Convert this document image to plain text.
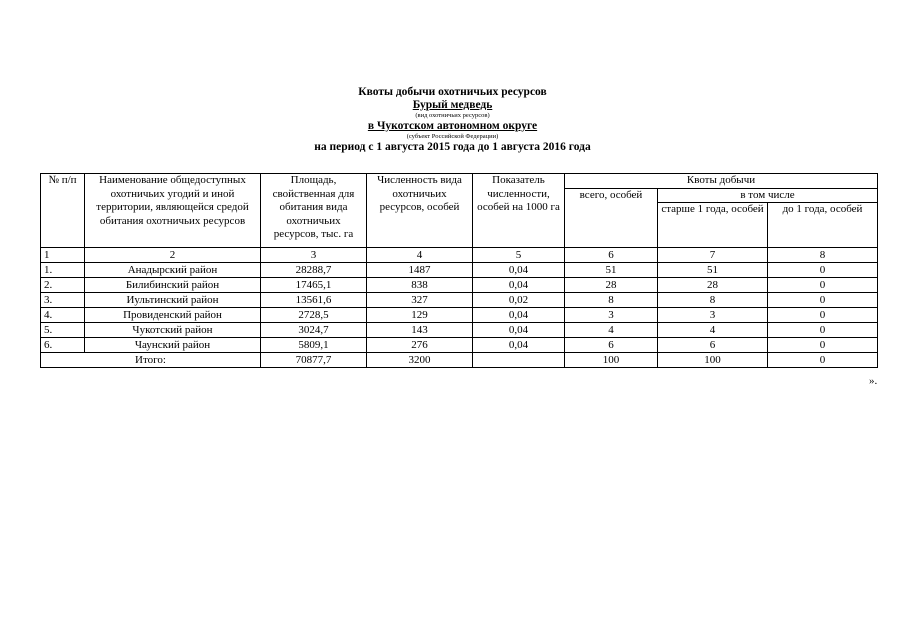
Квоты добычи охотничьих ресурсов
Бурый медведь
(вид охотничьих ресурсов)
в Чукотском автономном округе
(субъект Российской Федерации)
на период с 1 августа 2015 года до 1 августа 2016 года
№ п/п	Наименование общедоступных охотничьих угодий и иной территории, являющейся средой обитания охотничьих ресурсов	Площадь, свойственная для обитания вида охотничьих ресурсов, тыс. га	Численность вида охотничьих ресурсов, особей	Показатель численности, особей на 1000 га	Квоты добычи		
					всего, особей	в том числе	
						старше 1 года, особей	до 1 года, особей
1	2	3	4	5	6	7	8
1.	Анадырский район	28288,7	1487	0,04	51	51	0
2.	Билибинский район	17465,1	838	0,04	28	28	0
3.	Иультинский район	13561,6	327	0,02	8	8	0
4.	Провиденский район	2728,5	129	0,04	3	3	0
5.	Чукотский район	3024,7	143	0,04	4	4	0
6.	Чаунский район	5809,1	276	0,04	6	6	0
Итого:		70877,7	3200		100	100	0
».
